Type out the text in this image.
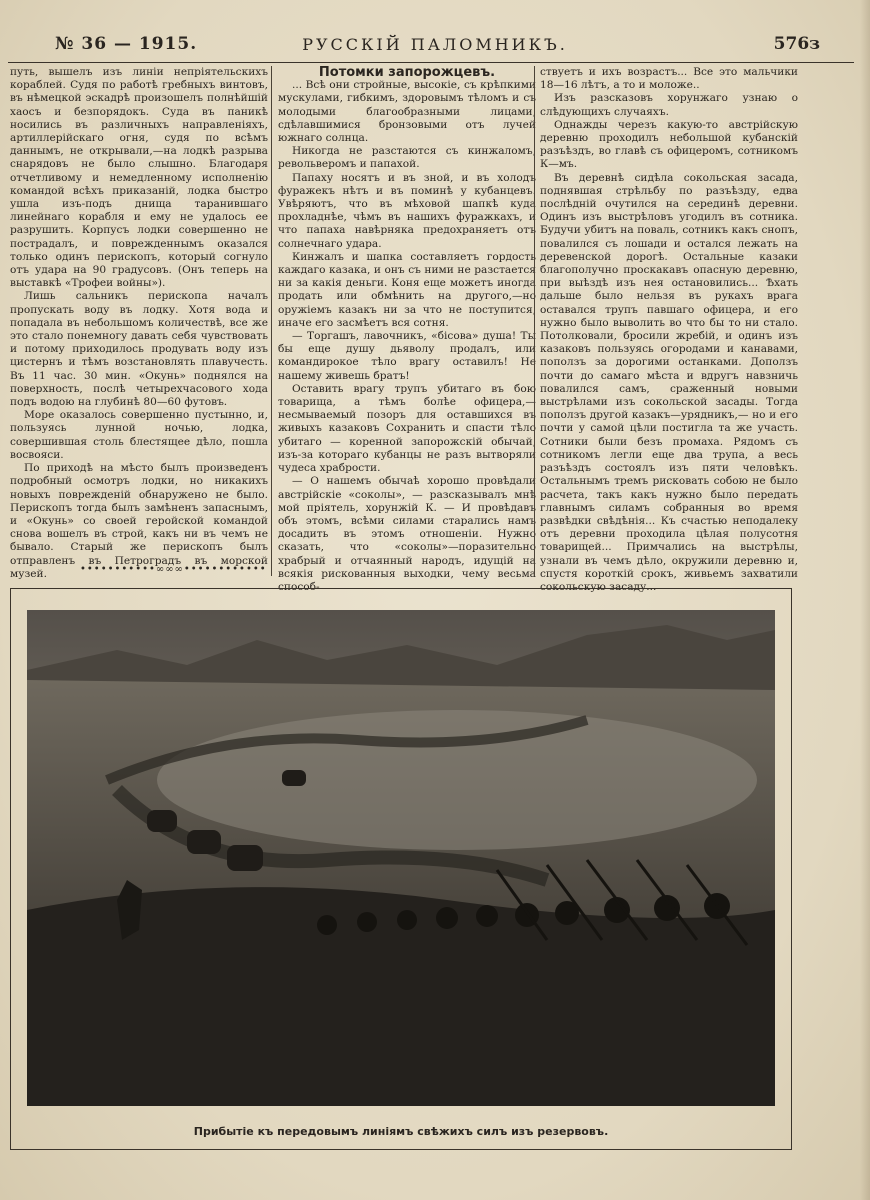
№ 36 — 1915.	РУССКІЙ ПАЛОМНИКЪ.	576з

путь, вышелъ изъ линіи непріятельскихъ кораблей. Судя по работѣ гребныхъ винтовъ, въ нѣмецкой эскадрѣ произошелъ полнѣйшій хаосъ и безпорядокъ. Суда въ паникѣ носились въ различныхъ направленіяхъ, артиллерійскаго огня, судя по всѣмъ даннымъ, не открывали,—на лодкѣ разрыва снарядовъ не было слышно. Благодаря отчетливому и немедленному исполненію командой всѣхъ приказаній, лодка быстро ушла изъ-подъ днища таранившаго линейнаго корабля и ему не удалось ее разрушить. Корпусъ лодки совершенно не пострадалъ, и поврежденнымъ оказался только одинъ перископъ, который согнуло отъ удара на 90 градусовъ. (Онъ теперь на выставкѣ «Трофеи войны»).

Лишь сальникъ перископа началъ пропускать воду въ лодку. Хотя вода и попадала въ небольшомъ количествѣ, все же это стало понемногу давать себя чувствовать и потому приходилось продувать воду изъ цистернъ и тѣмъ возстановлять плавучесть. Въ 11 час. 30 мин. «Окунь» поднялся на поверхность, послѣ четырехчасового хода подъ водою на глубинѣ 80—60 футовъ.

Море оказалось совершенно пустынно, и, пользуясь лунной ночью, лодка, совершившая столь блестящее дѣло, пошла восвояси.

По приходѣ на мѣсто былъ произведенъ подробный осмотръ лодки, но никакихъ новыхъ поврежденій обнаружено не было. Перископъ тогда былъ замѣненъ запаснымъ, и «Окунь» со своей геройской командой снова вошелъ въ строй, какъ ни въ чемъ не бывало. Старый же перископъ былъ отправленъ въ Петроградъ въ морской музей.	•••••••••••∞∞∞••••••••••••

Потомки запорожцевъ.

... Всѣ они стройные, высокіе, съ крѣпкими мускулами, гибкимъ, здоровымъ тѣломъ и съ молодыми благообразными лицами, сдѣлавшимися бронзовыми отъ лучей южнаго солнца.

Никогда не разстаются съ кинжаломъ, револьверомъ и папахой.

Папаху носятъ и въ зной, и въ холодъ фуражекъ нѣтъ и въ поминѣ у кубанцевъ. Увѣряютъ, что въ мѣховой шапкѣ куда прохладнѣе, чѣмъ въ нашихъ фуражкахъ, и что папаха навѣрняка предохраняетъ отъ солнечнаго удара.

Кинжалъ и шапка составляетъ гордость каждаго казака, и онъ съ ними не разстается ни за какія деньги. Коня еще можетъ иногда продать или обмѣнить на другого,—но оружіемъ казакъ ни за что не поступится, иначе его засмѣетъ вся сотня.

— Торгашъ, лавочникъ, «бісова» душа! Ты бы еще душу дьяволу продалъ, или командирокое тѣло врагу оставилъ! Не нашему живешь братъ!

Оставить врагу трупъ убитаго въ бою товарища, а тѣмъ болѣе офицера,—несмываемый позоръ для оставшихся въ живыхъ казаковъ Сохранить и спасти тѣло убитаго — коренной запорожскій обычай, изъ-за котораго кубанцы не разъ вытворяли чудеса храбрости.

— О нашемъ обычаѣ хорошо провѣдали австрійскіе «соколы», — разсказывалъ мнѣ мой пріятель, хорунжій К. — И провѣдавъ объ этомъ, всѣми силами старались намъ досадить въ этомъ отношеніи. Нужно сказать, что «соколы»—поразительно храбрый и отчаянный народъ, идущій на всякія рискованныя выходки, чему весьма способ-

ствуетъ и ихъ возрастъ... Все это мальчики 18—16 лѣтъ, а то и моложе..

Изъ разсказовъ хорунжаго узнаю о слѣдующихъ случаяхъ.

Однажды черезъ какую-то австрійскую деревню проходилъ небольшой кубанскій разъѣздъ, во главѣ съ офицеромъ, сотникомъ К—мъ.

Въ деревнѣ сидѣла сокольская засада, поднявшая стрѣльбу по разъѣзду, едва послѣдній очутился на серединѣ деревни. Одинъ изъ выстрѣловъ угодилъ въ сотника. Будучи убитъ на поваль, сотникъ какъ снопъ, повалился съ лошади и остался лежать на деревенской дорогѣ. Остальные казаки благополучно проскакавъ опасную деревню, при выѣздѣ изъ нея остановились... Ѣхать дальше было нельзя въ рукахъ врага оставался трупъ павшаго офицера, и его нужно было выволить во что бы то ни стало. Потолковали, бросили жребій, и одинъ изъ казаковъ пользуясь огородами и канавами, поползъ за дорогими останками. Доползъ почти до самаго мѣста и вдругъ навзничь повалился самъ, сраженный новыми выстрѣлами изъ сокольской засады. Тогда поползъ другой казакъ—урядникъ,— но и его почти у самой цѣли постигла та же участь. Сотники были безъ промаха. Рядомъ съ сотникомъ легли еще два трупа, а весь разъѣздъ состоялъ изъ пяти человѣкъ. Остальнымъ тремъ рисковать собою не было расчета, такъ какъ нужно было передать главнымъ силамъ собранныя во время развѣдки свѣдѣнія... Къ счастью неподалеку отъ деревни проходила цѣлая полусотня товарищей... Примчались на выстрѣлы, узнали въ чемъ дѣло, окружили деревню и, спустя короткій срокъ, живьемъ захватили сокольскую засаду...

Прибытіе къ передовымъ линіямъ свѣжихъ силъ изъ резервовъ.
